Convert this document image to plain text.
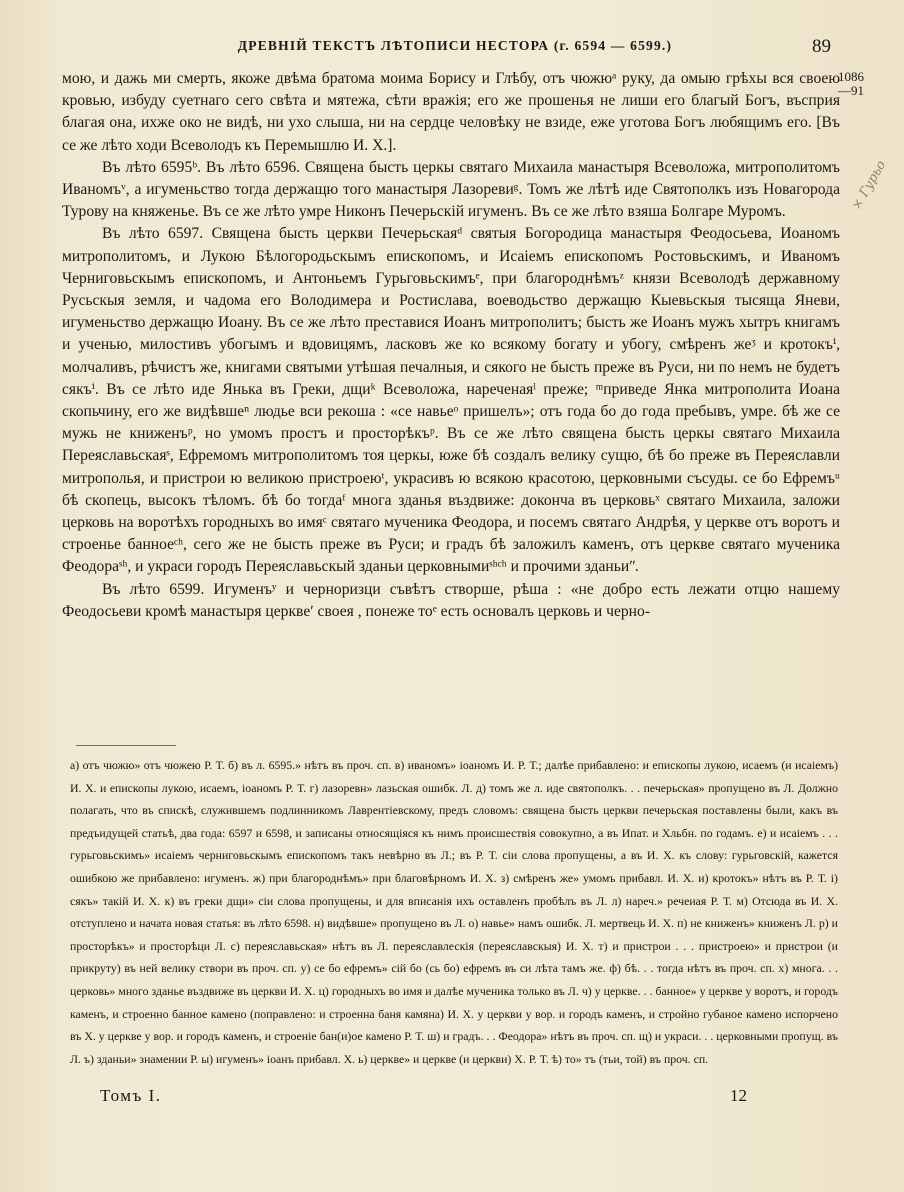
ДРЕВНІЙ ТЕКСТЪ ЛѢТОПИСИ НЕСТОРА (г. 6594 — 6599.)	89
1086
—91
× Гурьо

мою, и дажь ми смерть, якоже двѣма братома моима Борису и Глѣбу, отъ чюжюᵃ руку, да омыю грѣхы вся своею кровью, избуду суетнаго сего свѣта и мятежа, сѣти вражiя; его же прошенья не лиши его благый Богъ, въсприя благая она, ихже око не видѣ, ни ухо слыша, ни на сердце человѣку не взиде, еже уготова Богъ любящимъ его. [Въ се же лѣто ходи Всеволодъ къ Перемышлю И. Х.].

Въ лѣто 6595ᵇ. Въ лѣто 6596. Священа бысть церкы святаго Михаила манастыря Всеволожа, митрополитомъ Иваномъᵛ, а игуменьство тогда держащю того манастыря Лазоревиᵍ. Томъ же лѣтѣ иде Святополкъ изъ Новагорода Турову на княженье. Въ се же лѣто умре Никонъ Печерьскiй игуменъ. Въ се же лѣто взяша Болгаре Муромъ.

Въ лѣто 6597. Священа бысть церкви Печерьскаяᵈ святыя Богородица манастыря Феодосьева, Иоаномъ митрополитомъ, и Лукою Бѣлогородьскымъ епископомъ, и Исаiемъ епископомъ Ростовьскимъ, и Иваномъ Черниговьскымъ епископомъ, и Антоньемъ Гурьговьскимъᵉ, при благороднѣмъᶻ князи Всеволодѣ державному Русьскыя земля, и чадома его Володимера и Ростислава, воеводьство держащю Кыевьскыя тысяща Яневи, игуменьство держащю Иоану. Въ се же лѣто преставися Иоанъ митрополитъ; бысть же Иоанъ мужъ хытръ книгамъ и ученью, милостивъ убогымъ и вдовицямъ, ласковъ же ко всякому богату и убогу, смѣренъ жеᶾ и кротокъⁱ, молчаливъ, рѣчистъ же, книгами святыми утѣшая печалныя, и сякого не бысть преже въ Руси, ни по немъ не будетъ сякъⁱ. Въ се лѣто иде Янька въ Греки, дщиᵏ Всеволожа, нареченаяˡ преже; ᵐприведе Янка митрополита Иоана скопьчину, его же видѣвшеⁿ людье вси рекоша : «се навьеᵒ пришелъ»; отъ года бо до года пребывъ, умре. бѣ же се мужь не книженъᵖ, но умомъ простъ и просторѣкъᵖ. Въ се же лѣто священа бысть церкы святаго Михаила Переяславьскаяˢ, Ефремомъ митрополитомъ тоя церкы, юже бѣ создалъ велику сущю, бѣ бо преже въ Переяславли митрополья, и пристрои ю великою пристроеюᵗ, украсивъ ю всякою красотою, церковными съсуды. се бо Ефремъᵘ бѣ скопець, высокъ тѣломъ. бѣ бо тогдаᶠ многа зданья въздвиже: доконча въ церковьˣ святаго Михаила, заложи церковь на воротѣхъ городныхъ во имяᶜ святаго мученика Феодора, и посемъ святаго Андрѣя, у церкве отъ воротъ и строенье банноеᶜʰ, сего же не бысть преже въ Руси; и градъ бѣ заложилъ каменъ, отъ церкве святаго мученика Феодораˢʰ, и украси городъ Переяславьскый зданьи церковнымиˢʰᶜʰ и прочими зданьиʺ.

Въ лѣто 6599. Игуменъʸ и черноризци съвѣтъ створше, рѣша : «не добро есть лежати отцю нашему Феодосьеви кромѣ манастыря церквеʹ своея , понеже тоᵉ есть основалъ церковь и черно-

а) отъ чюжю» отъ чюжею Р. Т. б) въ л. 6595.» нѣтъ въ проч. сп. в) иваномъ» iоаномъ И. Р. Т.; далѣе прибавлено: и епископы лукою, исаемъ (и исаiемъ) И. Х. и епископы лукою, исаемъ, iоаномъ Р. Т. г) лазоревн» лазьская ошибк. Л. д) томъ же л. иде святополкъ. . . печерьская» пропущено въ Л. Должно полагать, что въ спискѣ, служившемъ подлинникомъ Лаврентiевскому, предъ словомъ: священа бысть церкви печерьская поставлены были, какъ въ предъидущей статьѣ, два года: 6597 и 6598, и записаны относящiяся къ нимъ происшествiя совокупно, а въ Ипат. и Хльбн. по годамъ. е) и исаiемъ . . . гурьговьскимъ» исаiемъ черниговьскымъ епископомъ такъ невѣрно въ Л.; въ Р. Т. сiи слова пропущены, а въ И. Х. къ слову: гурьговскiй, кажется ошибкою же прибавлено: игуменъ. ж) при благороднѣмъ» при благовѣрномъ И. Х. з) смѣренъ же» умомъ прибавл. И. Х. и) кротокъ» нѣтъ въ Р. Т. i) сякъ» такiй И. Х. к) въ греки дщи» сiи слова пропущены, и для вписанiя ихъ оставленъ пробѣлъ въ Л. л) нареч.» речеиая Р. Т. м) Отсюда въ И. Х. отступлено и начата новая статья: въ лѣто 6598. н) видѣвше» пропущено въ Л. о) навье» намъ ошибк. Л. мертвець И. Х. п) не книженъ» книженъ Л. р) и просторѣкъ» и просторѣци Л. с) переяславьская» нѣтъ въ Л. переяславлескiя (переяславскыя) И. Х. т) и пристрои . . . пристроею» и пристрои (и прикруту) въ ней велику створи въ проч. сп. у) се бо ефремъ» сiй бо (сь бо) ефремъ въ си лѣта тамъ же. ф) бѣ. . . тогда нѣтъ въ проч. сп. х) многа. . . церковь» много зданье въздвиже въ церкви И. Х. ц) городныхъ во имя и далѣе мученика только въ Л. ч) у церкве. . . банное» у церкве у воротъ, и городъ каменъ, и строенно банное камено (поправлено: и строенна баня камяна) И. Х. у церкви у вор. и городъ каменъ, и стройно губаное камено испорчено въ Х. у церкве у вор. и городъ каменъ, и строенiе бан(и)ое камено Р. Т. ш) и градъ. . . Феодора» нѣтъ въ проч. сп. щ) и украси. . . церковными пропущ. въ Л. ъ) зданьи» знамении Р. ы) игуменъ» iоанъ прибавл. Х. ь) церкве» и церкве (и церкви) Х. Р. Т. ѣ) то» тъ (тьи, той) въ проч. сп.

Томъ I.	12
